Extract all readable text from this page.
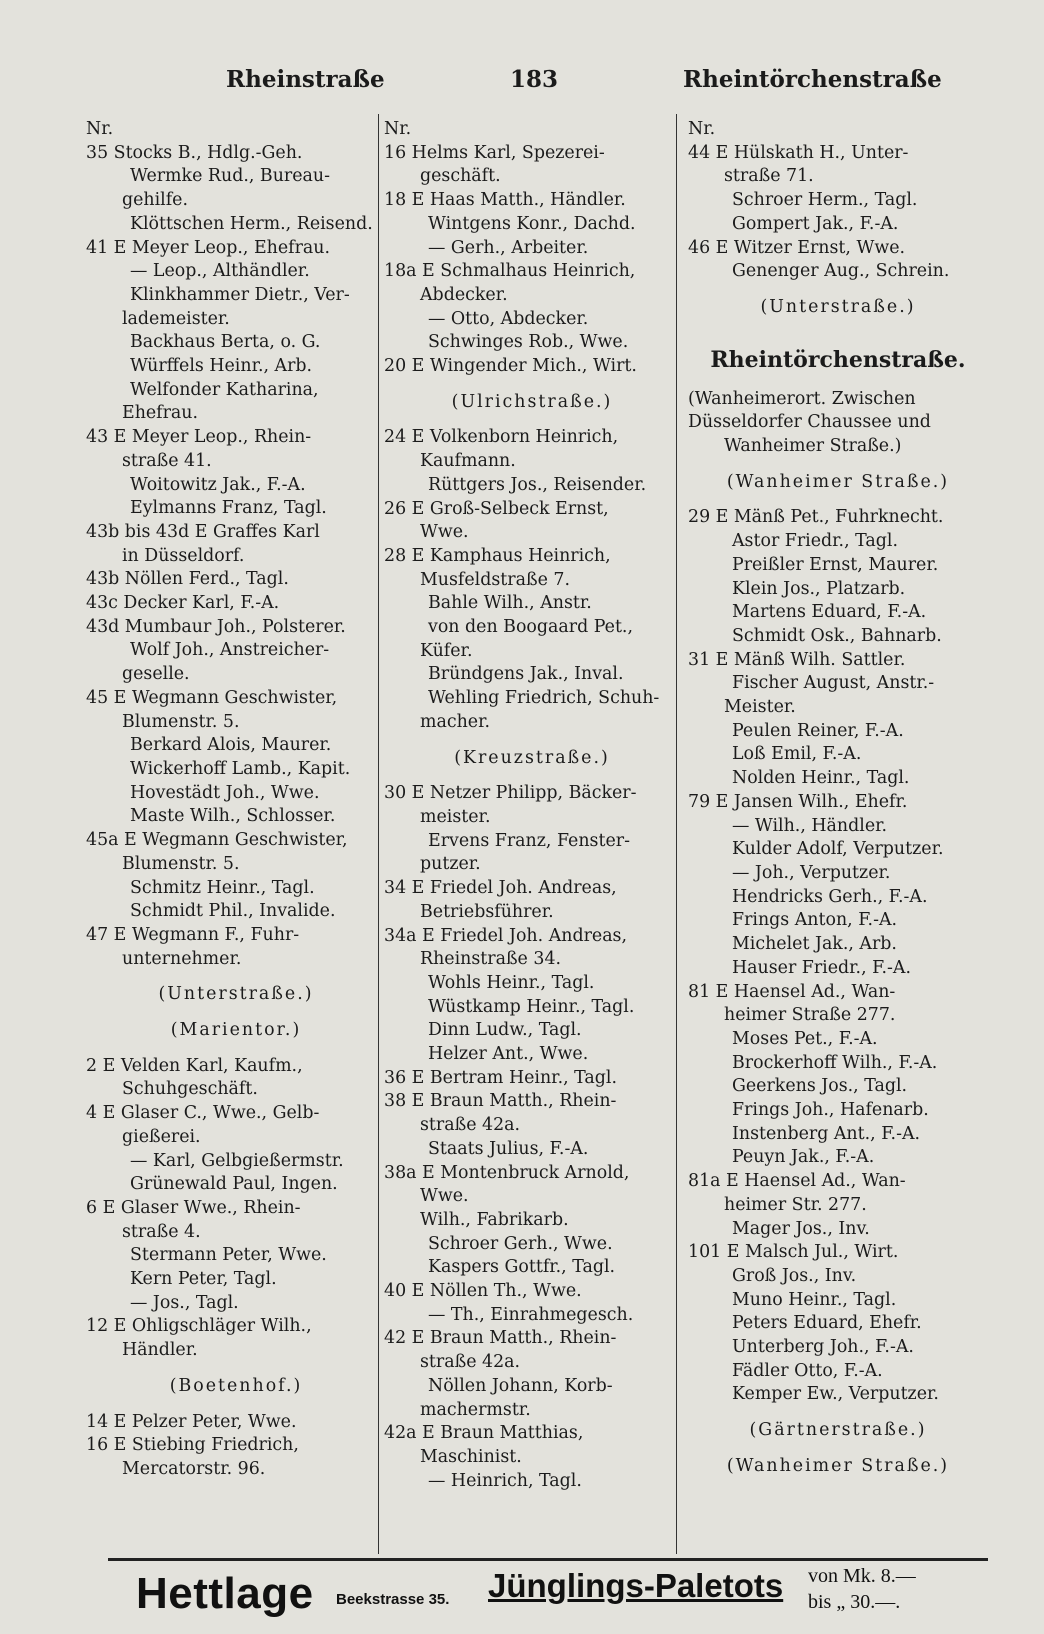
Rheinstraße	183	Rheintörchenstraße
Nr.
35 Stocks B., Hdlg.-Geh.
Wermke Rud., Bureau-
gehilfe.
Klöttschen Herm., Reisend.
41 E Meyer Leop., Ehefrau.
— Leop., Althändler.
Klinkhammer Dietr., Ver-
lademeister.
Backhaus Berta, o. G.
Würffels Heinr., Arb.
Welfonder Katharina,
Ehefrau.
43 E Meyer Leop., Rhein-
straße 41.
Woitowitz Jak., F.-A.
Eylmanns Franz, Tagl.
43b bis 43d E Graffes Karl
in Düsseldorf.
43b Nöllen Ferd., Tagl.
43c Decker Karl, F.-A.
43d Mumbaur Joh., Polsterer.
Wolf Joh., Anstreicher-
geselle.
45 E Wegmann Geschwister,
Blumenstr. 5.
Berkard Alois, Maurer.
Wickerhoff Lamb., Kapit.
Hovestädt Joh., Wwe.
Maste Wilh., Schlosser.
45a E Wegmann Geschwister,
Blumenstr. 5.
Schmitz Heinr., Tagl.
Schmidt Phil., Invalide.
47 E Wegmann F., Fuhr-
unternehmer.
(Unterstraße.)
(Marientor.)
2 E Velden Karl, Kaufm.,
Schuhgeschäft.
4 E Glaser C., Wwe., Gelb-
gießerei.
— Karl, Gelbgießermstr.
Grünewald Paul, Ingen.
6 E Glaser Wwe., Rhein-
straße 4.
Stermann Peter, Wwe.
Kern Peter, Tagl.
— Jos., Tagl.
12 E Ohligschläger Wilh.,
Händler.
(Boetenhof.)
14 E Pelzer Peter, Wwe.
16 E Stiebing Friedrich,
Mercatorstr. 96.
Nr.
16 Helms Karl, Spezerei-
geschäft.
18 E Haas Matth., Händler.
Wintgens Konr., Dachd.
— Gerh., Arbeiter.
18a E Schmalhaus Heinrich,
Abdecker.
— Otto, Abdecker.
Schwinges Rob., Wwe.
20 E Wingender Mich., Wirt.
(Ulrichstraße.)
24 E Volkenborn Heinrich,
Kaufmann.
Rüttgers Jos., Reisender.
26 E Groß-Selbeck Ernst,
Wwe.
28 E Kamphaus Heinrich,
Musfeldstraße 7.
Bahle Wilh., Anstr.
von den Boogaard Pet.,
Küfer.
Bründgens Jak., Inval.
Wehling Friedrich, Schuh-
macher.
(Kreuzstraße.)
30 E Netzer Philipp, Bäcker-
meister.
Ervens Franz, Fenster-
putzer.
34 E Friedel Joh. Andreas,
Betriebsführer.
34a E Friedel Joh. Andreas,
Rheinstraße 34.
Wohls Heinr., Tagl.
Wüstkamp Heinr., Tagl.
Dinn Ludw., Tagl.
Helzer Ant., Wwe.
36 E Bertram Heinr., Tagl.
38 E Braun Matth., Rhein-
straße 42a.
Staats Julius, F.-A.
38a E Montenbruck Arnold,
Wwe.
Wilh., Fabrikarb.
Schroer Gerh., Wwe.
Kaspers Gottfr., Tagl.
40 E Nöllen Th., Wwe.
— Th., Einrahmegesch.
42 E Braun Matth., Rhein-
straße 42a.
Nöllen Johann, Korb-
machermstr.
42a E Braun Matthias,
Maschinist.
— Heinrich, Tagl.
Nr.
44 E Hülskath H., Unter-
straße 71.
Schroer Herm., Tagl.
Gompert Jak., F.-A.
46 E Witzer Ernst, Wwe.
Genenger Aug., Schrein.
(Unterstraße.)
Rheintörchenstraße.
(Wanheimerort. Zwischen
Düsseldorfer Chaussee und
Wanheimer Straße.)
(Wanheimer Straße.)
29 E Mänß Pet., Fuhrknecht.
Astor Friedr., Tagl.
Preißler Ernst, Maurer.
Klein Jos., Platzarb.
Martens Eduard, F.-A.
Schmidt Osk., Bahnarb.
31 E Mänß Wilh. Sattler.
Fischer August, Anstr.-
Meister.
Peulen Reiner, F.-A.
Loß Emil, F.-A.
Nolden Heinr., Tagl.
79 E Jansen Wilh., Ehefr.
— Wilh., Händler.
Kulder Adolf, Verputzer.
— Joh., Verputzer.
Hendricks Gerh., F.-A.
Frings Anton, F.-A.
Michelet Jak., Arb.
Hauser Friedr., F.-A.
81 E Haensel Ad., Wan-
heimer Straße 277.
Moses Pet., F.-A.
Brockerhoff Wilh., F.-A.
Geerkens Jos., Tagl.
Frings Joh., Hafenarb.
Instenberg Ant., F.-A.
Peuyn Jak., F.-A.
81a E Haensel Ad., Wan-
heimer Str. 277.
Mager Jos., Inv.
101 E Malsch Jul., Wirt.
Groß Jos., Inv.
Muno Heinr., Tagl.
Peters Eduard, Ehefr.
Unterberg Joh., F.-A.
Fädler Otto, F.-A.
Kemper Ew., Verputzer.
(Gärtnerstraße.)
(Wanheimer Straße.)
Hettlage Beekstrasse 35. Jünglings-Paletots von Mk. 8.—
bis „ 30.—.
